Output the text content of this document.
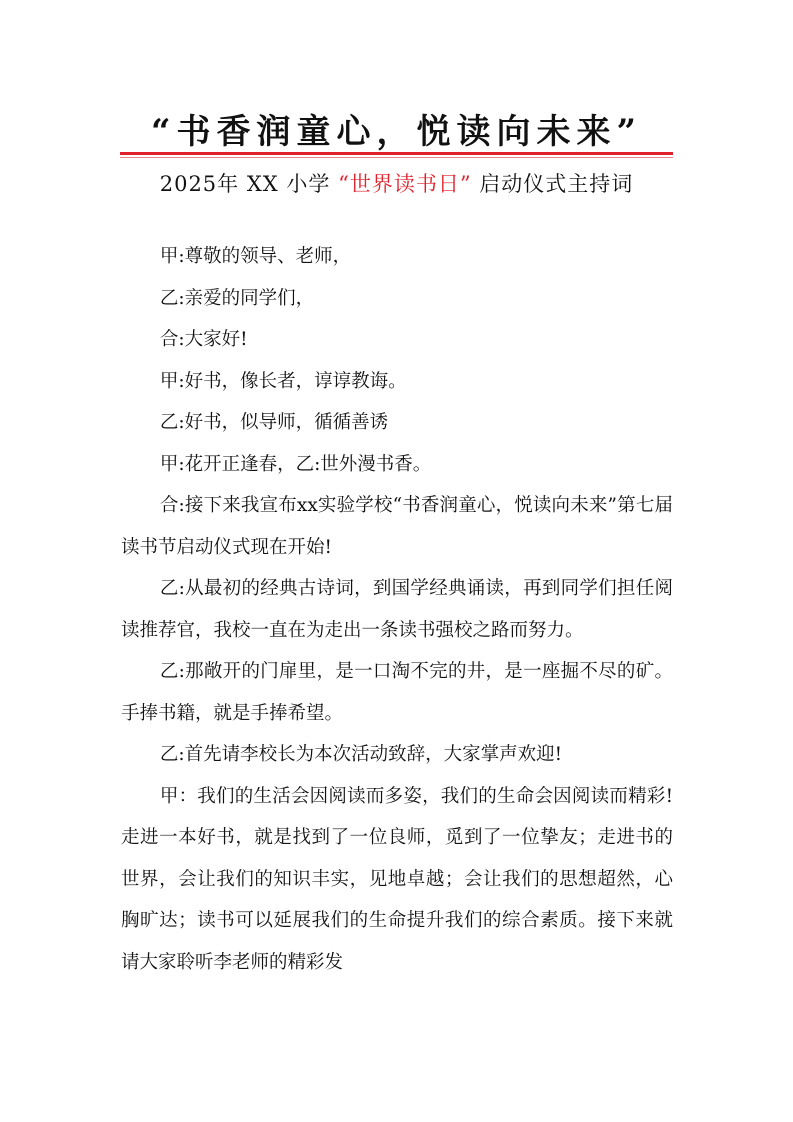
“书香润童心，悦读向未来”
2025年 XX 小学 “世界读书日” 启动仪式主持词

甲:尊敬的领导、老师，

乙:亲爱的同学们，

合:大家好!

甲:好书，像长者，谆谆教诲。

乙:好书，似导师，循循善诱

甲:花开正逢春，乙:世外漫书香。

合:接下来我宣布xx实验学校“书香润童心，悦读向未来”第七届读书节启动仪式现在开始!

乙:从最初的经典古诗词，到国学经典诵读，再到同学们担任阅读推荐官，我校一直在为走出一条读书强校之路而努力。

乙:那敞开的门扉里，是一口淘不完的井，是一座掘不尽的矿。手捧书籍，就是手捧希望。

乙:首先请李校长为本次活动致辞，大家掌声欢迎!

甲：我们的生活会因阅读而多姿，我们的生命会因阅读而精彩!走进一本好书，就是找到了一位良师，觅到了一位挚友；走进书的世界，会让我们的知识丰实，见地卓越；会让我们的思想超然，心胸旷达；读书可以延展我们的生命提升我们的综合素质。接下来就请大家聆听李老师的精彩发
